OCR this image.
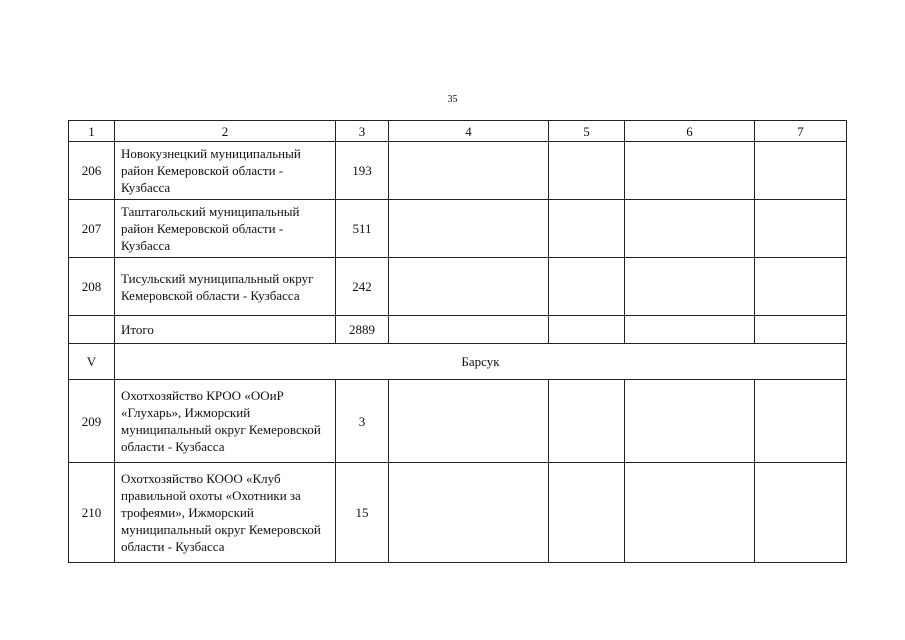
35
1	2	3	4	5	6	7
206	Новокузнецкий муниципальный район Кемеровской области - Кузбасса	193				
207	Таштагольский муниципальный район Кемеровской области - Кузбасса	511				
208	Тисульский муниципальный округ Кемеровской области - Кузбасса	242				
	Итого	2889				
V	Барсук					
209	Охотхозяйство КРОО «ООиР «Глухарь», Ижморский муниципальный округ Кемеровской области - Кузбасса	3				
210	Охотхозяйство КООО «Клуб правильной охоты «Охотники за трофеями», Ижморский муниципальный округ Кемеровской области - Кузбасса	15				
